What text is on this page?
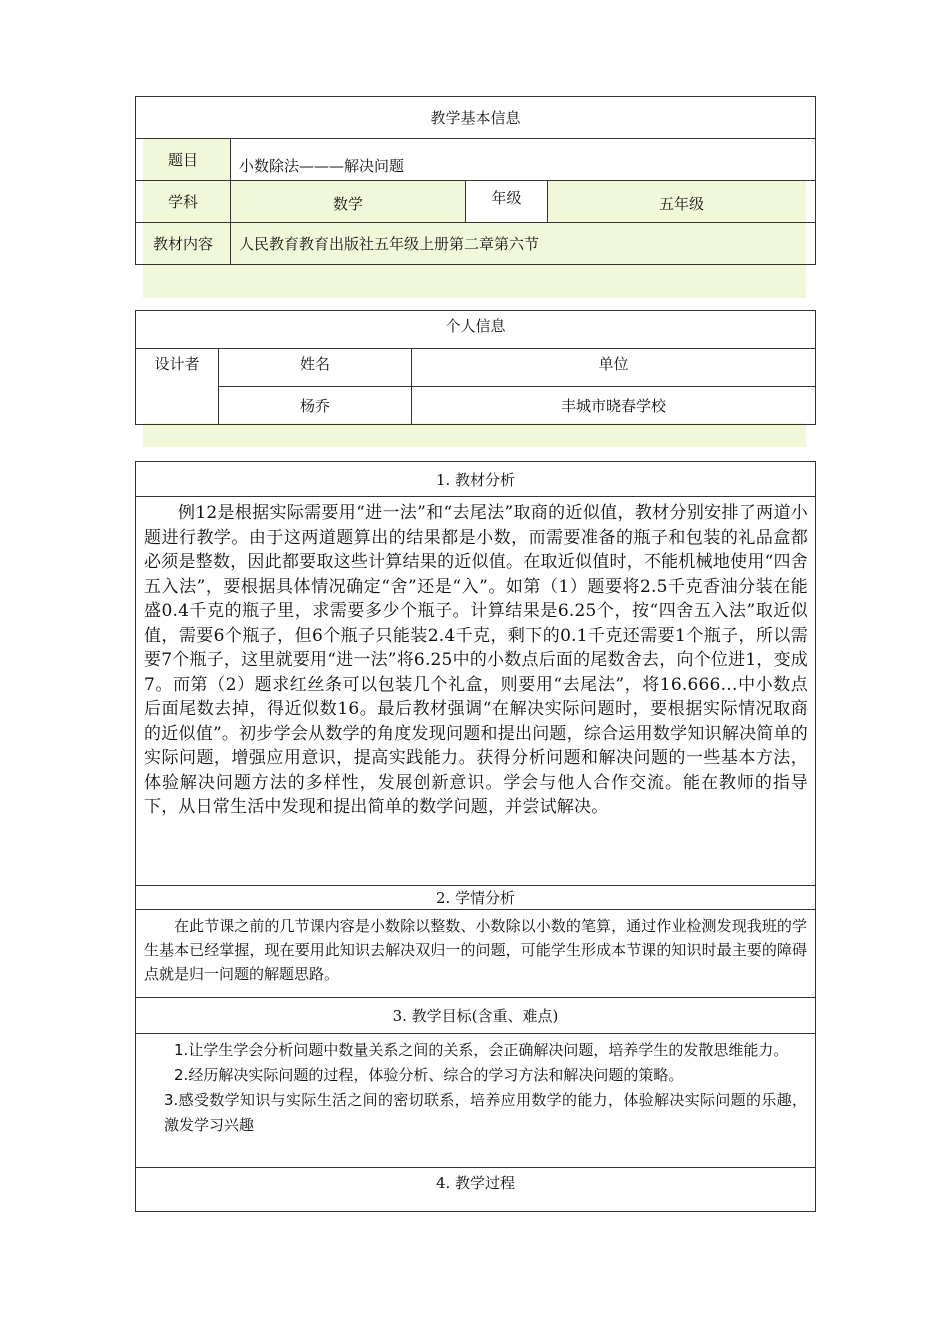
教学基本信息			
题目	小数除法———解决问题		
学科	数学	年级	五年级
教材内容	人民教育教育出版社五年级上册第二章第六节		
个人信息		
设计者	姓名	单位
	杨乔	丰城市晓春学校
1. 教材分析

例12是根据实际需要用“进一法”和“去尾法”取商的近似值，教材分别安排了两道小题进行教学。由于这两道题算出的结果都是小数，而需要准备的瓶子和包装的礼品盒都必须是整数，因此都要取这些计算结果的近似值。在取近似值时，不能机械地使用“四舍五入法”，要根据具体情况确定“舍”还是“入”。如第（1）题要将2.5千克香油分装在能盛0.4千克的瓶子里，求需要多少个瓶子。计算结果是6.25个，按“四舍五入法”取近似值，需要6个瓶子，但6个瓶子只能装2.4千克，剩下的0.1千克还需要1个瓶子，所以需要7个瓶子，这里就要用“进一法”将6.25中的小数点后面的尾数舍去，向个位进1，变成7。而第（2）题求红丝条可以包装几个礼盒，则要用“去尾法”，将16.666…中小数点后面尾数去掉，得近似数16。最后教材强调“在解决实际问题时，要根据实际情况取商的近似值”。初步学会从数学的角度发现问题和提出问题，综合运用数学知识解决简单的实际问题，增强应用意识，提高实践能力。获得分析问题和解决问题的一些基本方法，体验解决问题方法的多样性，发展创新意识。学会与他人合作交流。能在教师的指导下，从日常生活中发现和提出简单的数学问题，并尝试解决。

2. 学情分析

在此节课之前的几节课内容是小数除以整数、小数除以小数的笔算，通过作业检测发现我班的学生基本已经掌握，现在要用此知识去解决双归一的问题，可能学生形成本节课的知识时最主要的障碍点就是归一问题的解题思路。

3. 教学目标(含重、难点)

1.让学生学会分析问题中数量关系之间的关系，会正确解决问题，培养学生的发散思维能力。

2.经历解决实际问题的过程，体验分析、综合的学习方法和解决问题的策略。

3.感受数学知识与实际生活之间的密切联系，培养应用数学的能力，体验解决实际问题的乐趣，激发学习兴趣

4. 教学过程
